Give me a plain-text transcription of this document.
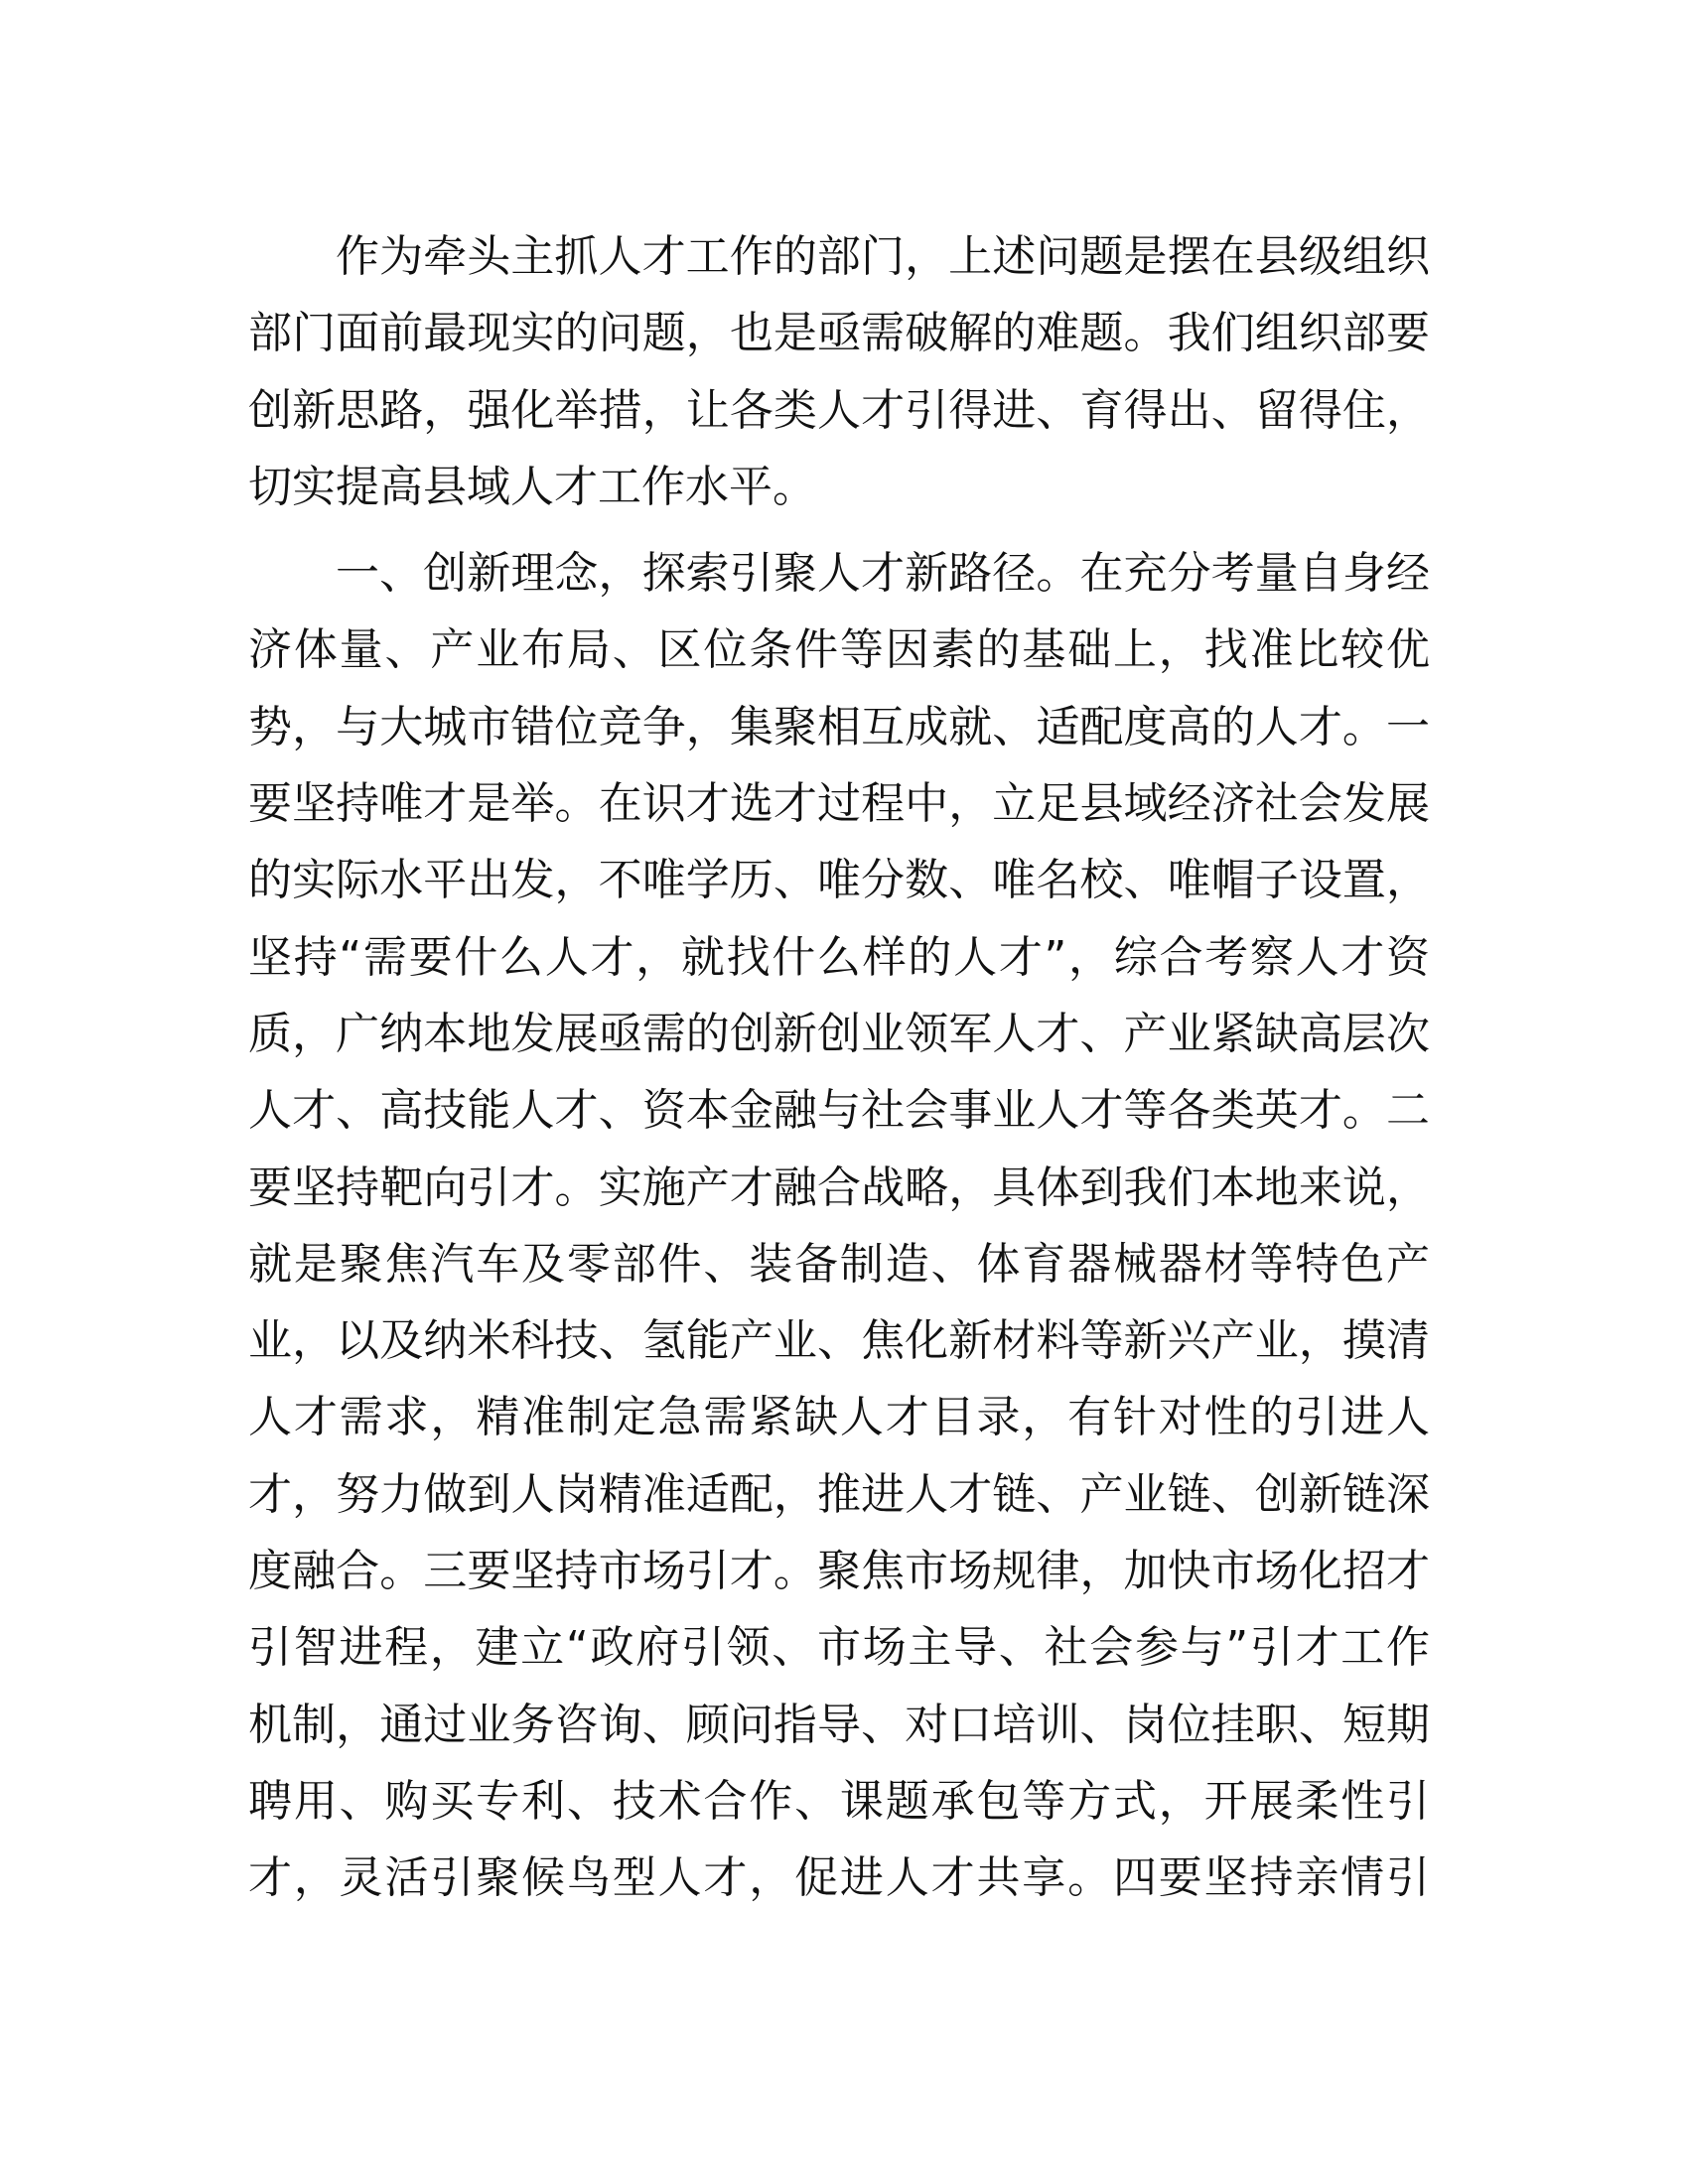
作为牵头主抓人才工作的部门，上述问题是摆在县级组织
部门面前最现实的问题，也是亟需破解的难题。我们组织部要
创新思路，强化举措，让各类人才引得进、育得出、留得住，
切实提高县域人才工作水平。
一、创新理念，探索引聚人才新路径。在充分考量自身经
济体量、产业布局、区位条件等因素的基础上，找准比较优
势，与大城市错位竞争，集聚相互成就、适配度高的人才。一
要坚持唯才是举。在识才选才过程中，立足县域经济社会发展
的实际水平出发，不唯学历、唯分数、唯名校、唯帽子设置，
坚持“需要什么人才，就找什么样的人才”，综合考察人才资
质，广纳本地发展亟需的创新创业领军人才、产业紧缺高层次
人才、高技能人才、资本金融与社会事业人才等各类英才。二
要坚持靶向引才。实施产才融合战略，具体到我们本地来说，
就是聚焦汽车及零部件、装备制造、体育器械器材等特色产
业，以及纳米科技、氢能产业、焦化新材料等新兴产业，摸清
人才需求，精准制定急需紧缺人才目录，有针对性的引进人
才，努力做到人岗精准适配，推进人才链、产业链、创新链深
度融合。三要坚持市场引才。聚焦市场规律，加快市场化招才
引智进程，建立“政府引领、市场主导、社会参与”引才工作
机制，通过业务咨询、顾问指导、对口培训、岗位挂职、短期
聘用、购买专利、技术合作、课题承包等方式，开展柔性引
才，灵活引聚候鸟型人才，促进人才共享。四要坚持亲情引
